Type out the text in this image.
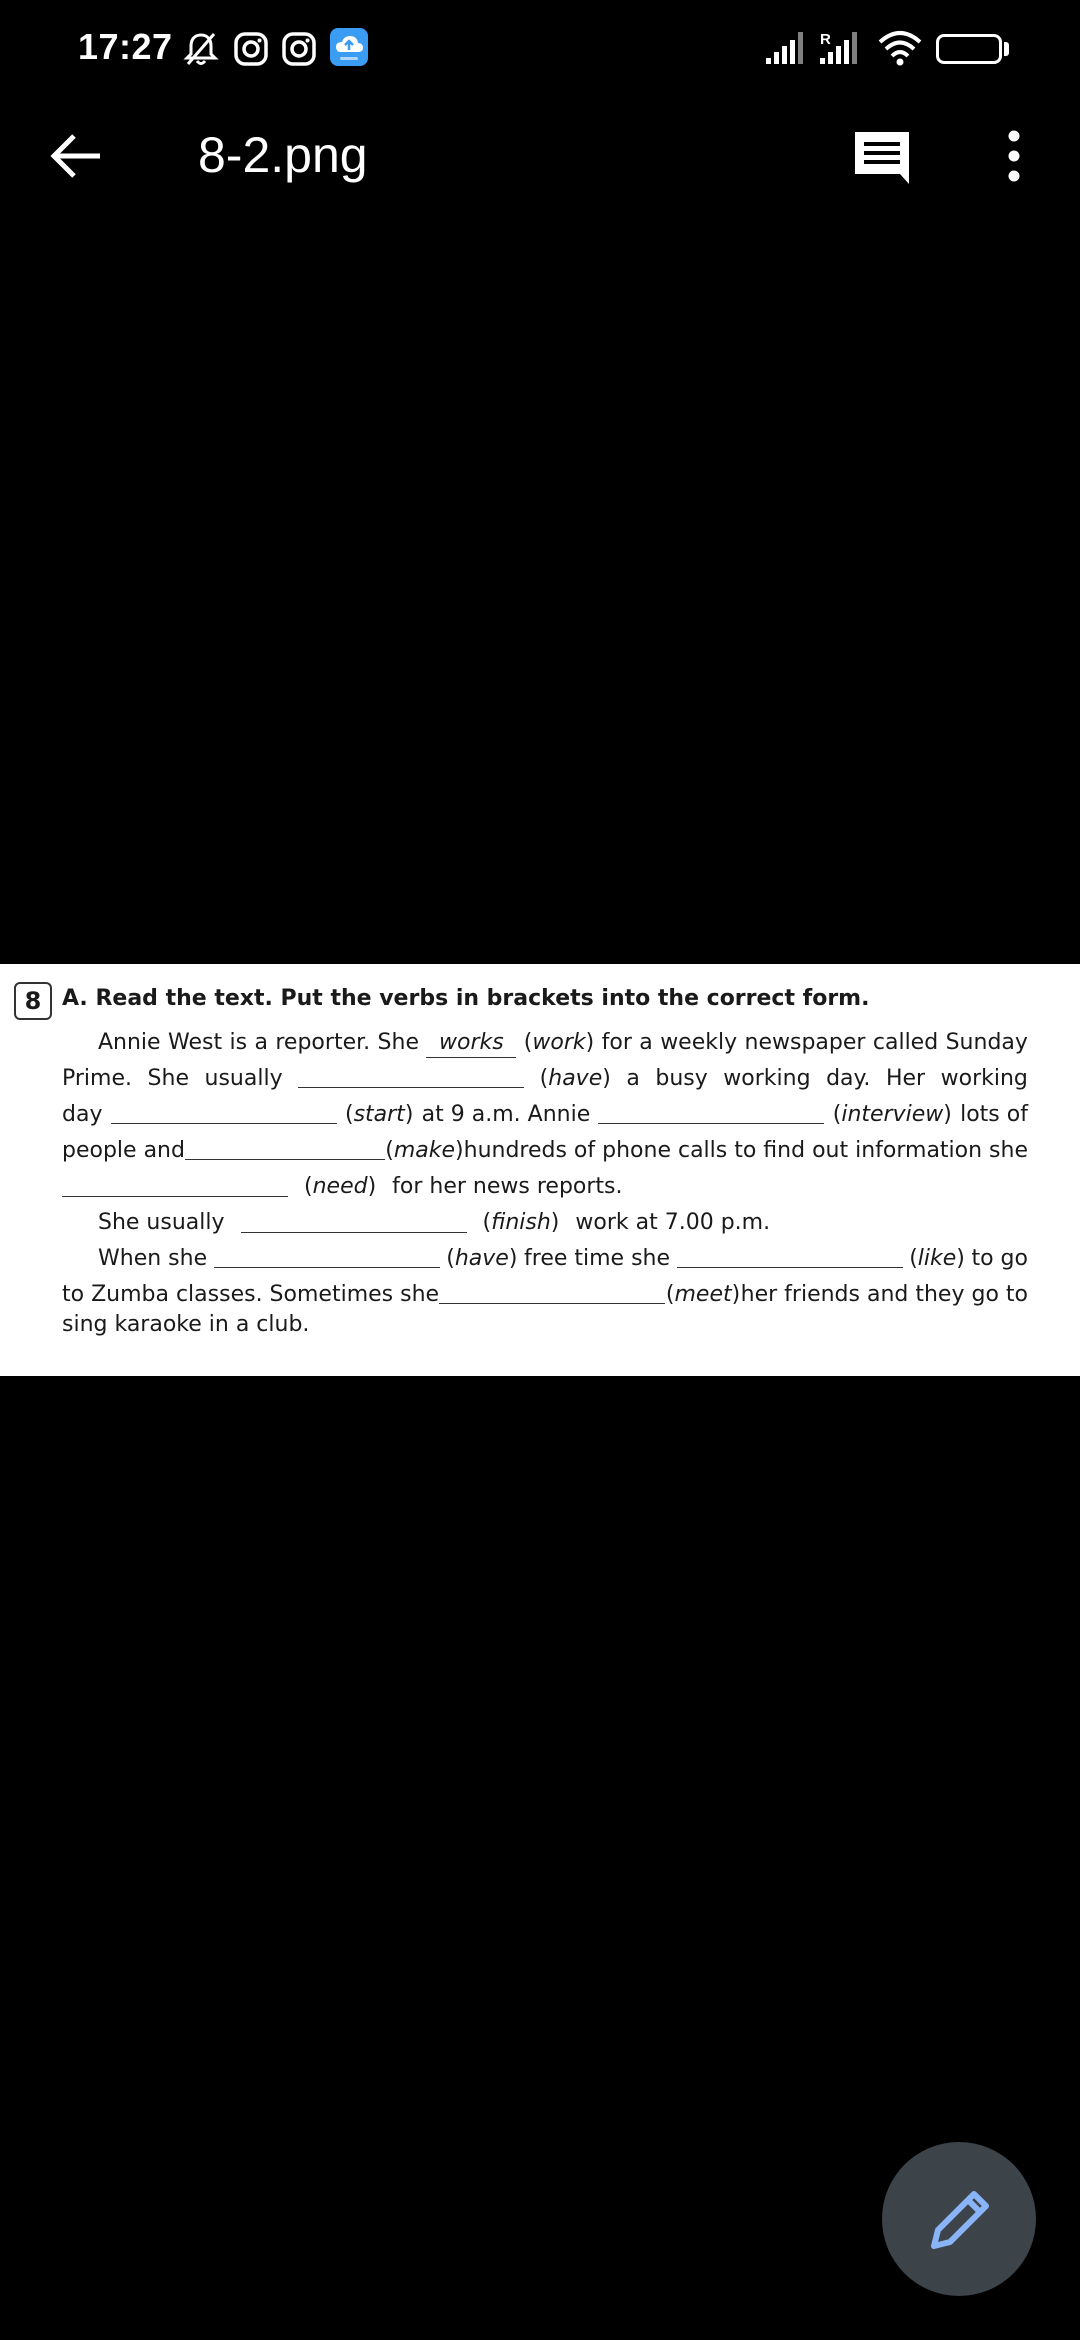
17:27	R	59
8-2.png
8 A. Read the text. Put the verbs in brackets into the correct form.
Annie West is a reporter. She works (work) for a weekly newspaper called Sunday
Prime. She usually	(have) a busy working day. Her working
day	(start) at 9 a.m. Annie	(interview) lots of
people and	(make) hundreds of phone calls to find out information she
(need) for her news reports.
She usually	(finish) work at 7.00 p.m.
When she	(have) free time she	(like) to go
to Zumba classes. Sometimes she	(meet) her friends and they go to
sing karaoke in a club.
